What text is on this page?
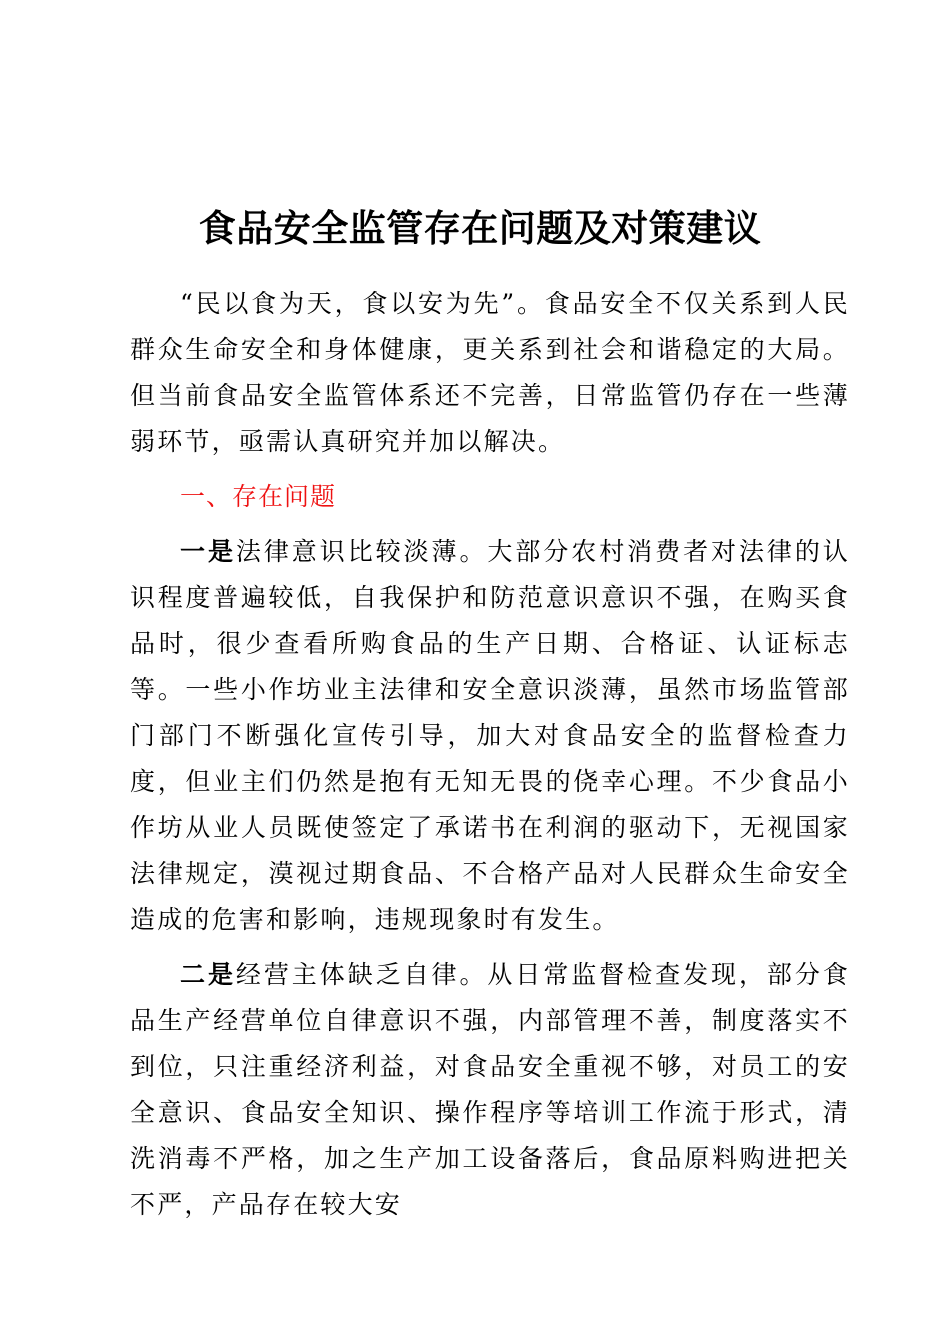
食品安全监管存在问题及对策建议

“民以食为天，食以安为先”。食品安全不仅关系到人民群众生命安全和身体健康，更关系到社会和谐稳定的大局。但当前食品安全监管体系还不完善，日常监管仍存在一些薄弱环节，亟需认真研究并加以解决。

一、存在问题

一是法律意识比较淡薄。大部分农村消费者对法律的认识程度普遍较低，自我保护和防范意识意识不强，在购买食品时，很少查看所购食品的生产日期、合格证、认证标志等。一些小作坊业主法律和安全意识淡薄，虽然市场监管部门部门不断强化宣传引导，加大对食品安全的监督检查力度，但业主们仍然是抱有无知无畏的侥幸心理。不少食品小作坊从业人员既使签定了承诺书在利润的驱动下，无视国家法律规定，漠视过期食品、不合格产品对人民群众生命安全造成的危害和影响，违规现象时有发生。

二是经营主体缺乏自律。从日常监督检查发现，部分食品生产经营单位自律意识不强，内部管理不善，制度落实不到位，只注重经济利益，对食品安全重视不够，对员工的安全意识、食品安全知识、操作程序等培训工作流于形式，清洗消毒不严格，加之生产加工设备落后，食品原料购进把关不严，产品存在较大安
